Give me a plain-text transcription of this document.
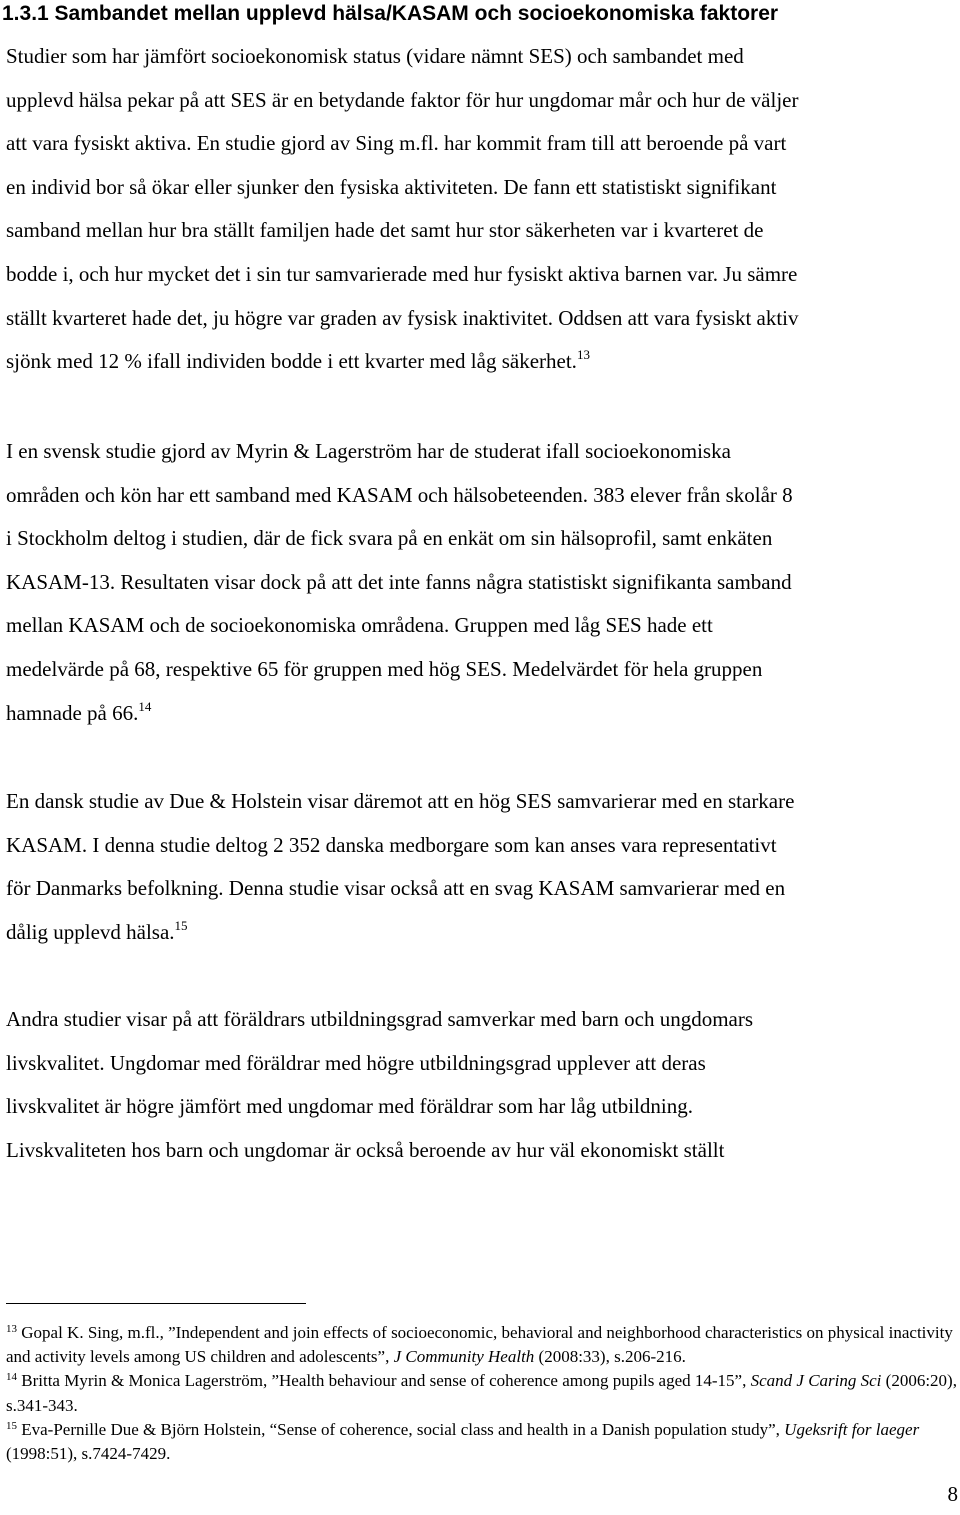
1.3.1 Sambandet mellan upplevd hälsa/KASAM och socioekonomiska faktorer
Studier som har jämfört socioekonomisk status (vidare nämnt SES) och sambandet med
upplevd hälsa pekar på att SES är en betydande faktor för hur ungdomar mår och hur de väljer
att vara fysiskt aktiva. En studie gjord av Sing m.fl. har kommit fram till att beroende på vart
en individ bor så ökar eller sjunker den fysiska aktiviteten. De fann ett statistiskt signifikant
samband mellan hur bra ställt familjen hade det samt hur stor säkerheten var i kvarteret de
bodde i, och hur mycket det i sin tur samvarierade med hur fysiskt aktiva barnen var. Ju sämre
ställt kvarteret hade det, ju högre var graden av fysisk inaktivitet. Oddsen att vara fysiskt aktiv
sjönk med 12 % ifall individen bodde i ett kvarter med låg säkerhet.$^{13}$
I en svensk studie gjord av Myrin & Lagerström har de studerat ifall socioekonomiska
områden och kön har ett samband med KASAM och hälsobeteenden. 383 elever från skolår 8
i Stockholm deltog i studien, där de fick svara på en enkät om sin hälsoprofil, samt enkäten
KASAM-13. Resultaten visar dock på att det inte fanns några statistiskt signifikanta samband
mellan KASAM och de socioekonomiska områdena. Gruppen med låg SES hade ett
medelvärde på 68, respektive 65 för gruppen med hög SES. Medelvärdet för hela gruppen
hamnade på 66.14
En dansk studie av Due & Holstein visar däremot att en hög SES samvarierar med en starkare
KASAM. I denna studie deltog 2 352 danska medborgare som kan anses vara representativt
för Danmarks befolkning. Denna studie visar också att en svag KASAM samvarierar med en
dålig upplevd hälsa.$^{15}$
Andra studier visar på att föräldrars utbildningsgrad samverkar med barn och ungdomars
livskvalitet. Ungdomar med föräldrar med högre utbildningsgrad upplever att deras
livskvalitet är högre jämfört med ungdomar med föräldrar som har låg utbildning.
Livskvaliteten hos barn och ungdomar är också beroende av hur väl ekonomiskt ställt
$^{13}$ Gopal K. Sing, m.fl., ”Independent and join effects of socioeconomic, behavioral and neighborhood characteristics on physical inactivity and activity levels among US children and adolescents”, J Community Health (2008:33), s.206-216.
$^{14}$ Britta Myrin & Monica Lagerström, ”Health behaviour and sense of coherence among pupils aged 14-15”, Scand J Caring Sci (2006:20), s.341-343.
$^{15}$ Eva-Pernille Due & Björn Holstein, “Sense of coherence, social class and health in a Danish population study”, Ugeksrift for laeger (1998:51), s.7424-7429.
8
